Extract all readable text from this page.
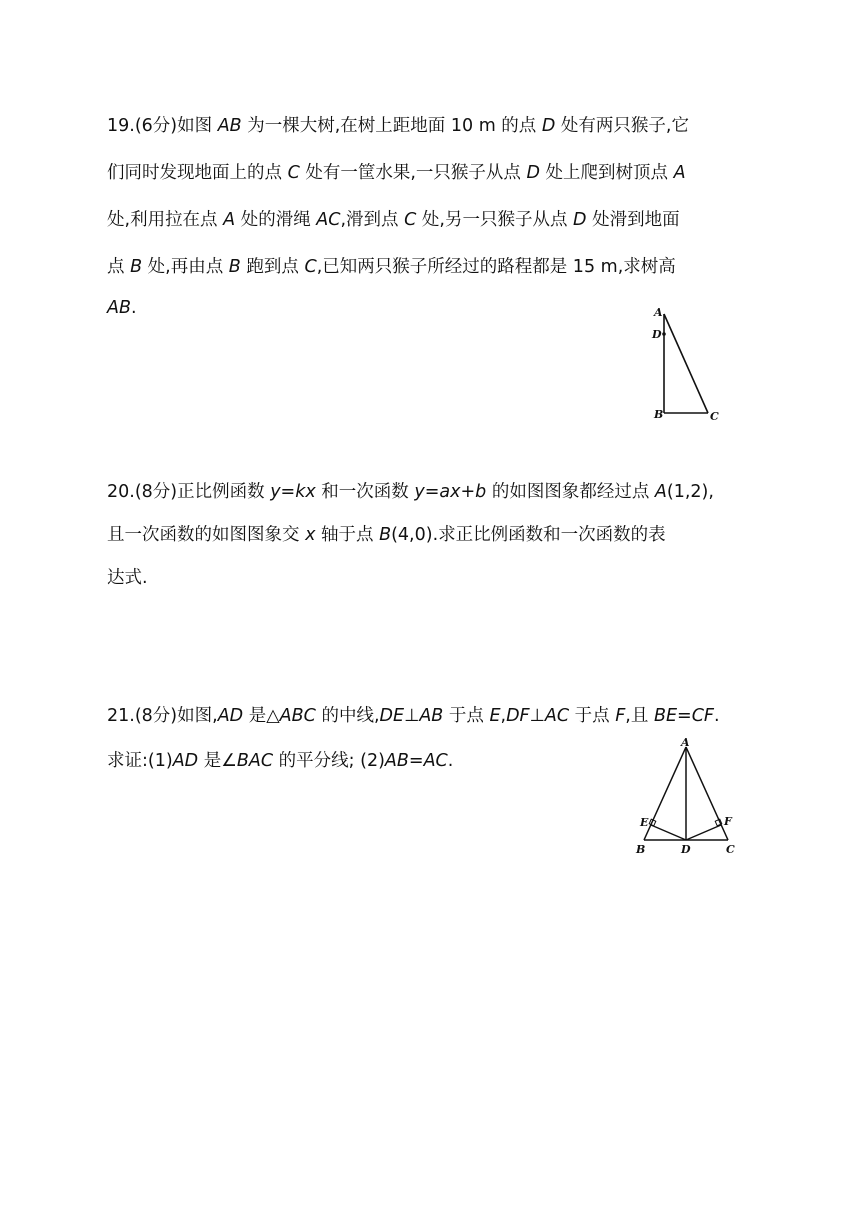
19.(6分)如图 AB 为一棵大树,在树上距地面 10 m 的点 D 处有两只猴子,它
们同时发现地面上的点 C 处有一筐水果,一只猴子从点 D 处上爬到树顶点 A
处,利用拉在点 A 处的滑绳 AC,滑到点 C 处,另一只猴子从点 D 处滑到地面
点 B 处,再由点 B 跑到点 C,已知两只猴子所经过的路程都是 15 m,求树高
AB.	A
D
B	C
20.(8分)正比例函数 y=kx 和一次函数 y=ax+b 的如图图象都经过点 A(1,2),
且一次函数的如图图象交 x 轴于点 B(4,0).求正比例函数和一次函数的表
达式.
21.(8分)如图,AD 是△ABC 的中线,DE⊥AB 于点 E,DF⊥AC 于点 F,且 BE=CF.
求证:(1)AD 是∠BAC 的平分线; (2)AB=AC.
A
E	F
B	D	C
